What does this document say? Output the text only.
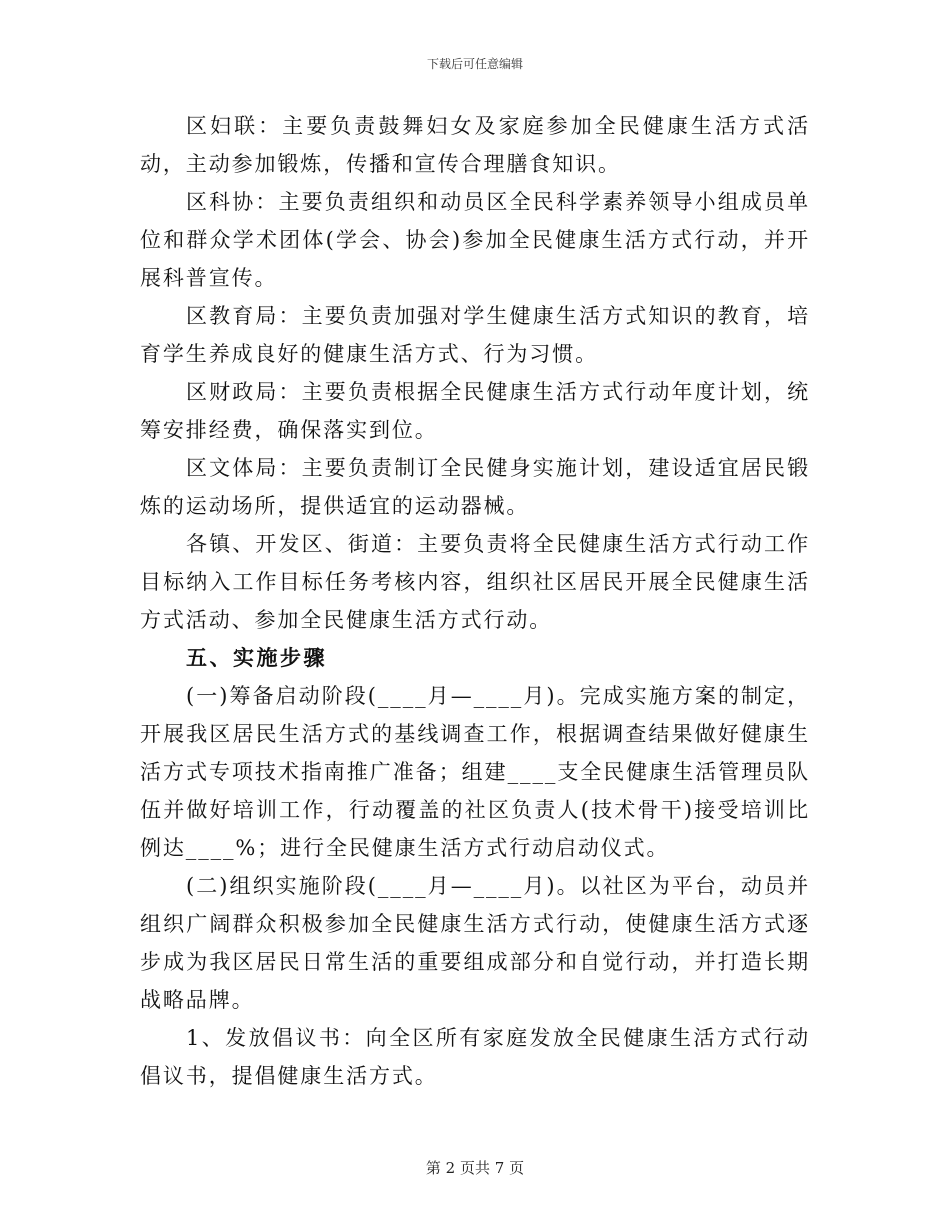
下载后可任意编辑

区妇联：主要负责鼓舞妇女及家庭参加全民健康生活方式活动，主动参加锻炼，传播和宣传合理膳食知识。

区科协：主要负责组织和动员区全民科学素养领导小组成员单位和群众学术团体(学会、协会)参加全民健康生活方式行动，并开展科普宣传。

区教育局：主要负责加强对学生健康生活方式知识的教育，培育学生养成良好的健康生活方式、行为习惯。

区财政局：主要负责根据全民健康生活方式行动年度计划，统筹安排经费，确保落实到位。

区文体局：主要负责制订全民健身实施计划，建设适宜居民锻炼的运动场所，提供适宜的运动器械。

各镇、开发区、街道：主要负责将全民健康生活方式行动工作目标纳入工作目标任务考核内容，组织社区居民开展全民健康生活方式活动、参加全民健康生活方式行动。

五、实施步骤

(一)筹备启动阶段(____月—____月)。完成实施方案的制定，开展我区居民生活方式的基线调查工作，根据调查结果做好健康生活方式专项技术指南推广准备；组建____支全民健康生活管理员队伍并做好培训工作，行动覆盖的社区负责人(技术骨干)接受培训比例达____%；进行全民健康生活方式行动启动仪式。

(二)组织实施阶段(____月—____月)。以社区为平台，动员并组织广阔群众积极参加全民健康生活方式行动，使健康生活方式逐步成为我区居民日常生活的重要组成部分和自觉行动，并打造长期战略品牌。

1、发放倡议书：向全区所有家庭发放全民健康生活方式行动倡议书，提倡健康生活方式。

第 2 页共 7 页
